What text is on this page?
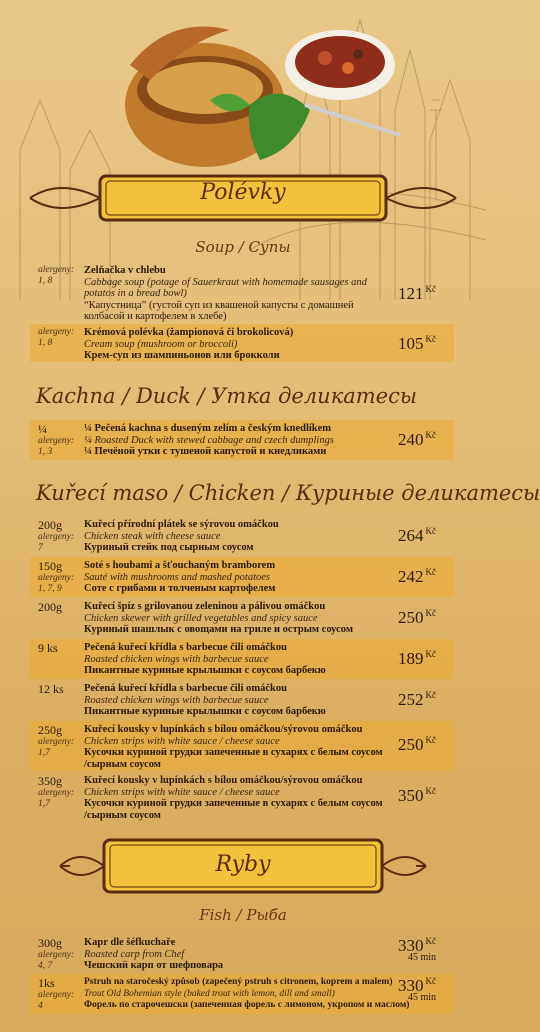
Polévky
Soup / Супы
alergeny:
1, 8
Zelňačka v chlebu
Cabbage soup (potage of Sauerkraut with homemade sausages and potatos in a bread bowl)
“Капустница” (густой суп из квашеной капусты с домашней колбасой и картофелем в хлебе)
121 $^{Kč}$
alergeny:
1, 8
Krémová polévka (žampionová či brokolicová)
Cream soup (mushroom or broccoli)
Крем-суп из шампиньонов или брокколи
105 $^{Kč}$
Kachna / Duck / Утка деликатесы
¼
alergeny:
1, 3
¼ Pečená kachna s duseným zelím a českým knedlíkem
¼ Roasted Duck with stewed cabbage and czech dumplings
¼ Печёной утки с тушеной капустой и кнедликами
240 $^{Kč}$
Kuřecí maso / Chicken / Куриные деликатесы
200g
alergeny:
7
Kuřecí přírodní plátek se sýrovou omáčkou
Chicken steak with cheese sauce
Куриный стейк под сырным соусом
264 $^{Kč}$
150g
alergeny:
1, 7, 9
Soté s houbami a šťouchaným bramborem
Sauté with mushrooms and mashed potatoes
Соте с грибами и толченым картофелем
242 $^{Kč}$
200g	Kuřecí špíz s grilovanou zeleninou a pálivou omáčkou
Chicken skewer with grilled vegetables and spicy sauce
Куриный шашлык с овощами на гриле и острым соусом
250 $^{Kč}$
9 ks	Pečená kuřecí křídla s barbecue čili omáčkou
Roasted chicken wings with barbecue sauce
Пикантные куриные крылышки с соусом барбекю
189 $^{Kč}$
12 ks	Pečená kuřecí křídla s barbecue čili omáčkou
Roasted chicken wings with barbecue sauce
Пикантные куриные крылышки с соусом барбекю
252 $^{Kč}$
250g
alergeny:
1,7
Kuřecí kousky v lupínkách s bílou omáčkou/sýrovou omáčkou
Chicken strips with white sauce / cheese sauce
Кусочки куриной грудки запеченные в сухарях с белым соусом /сырным соусом
250 $^{Kč}$
350g
alergeny:
1,7
Kuřecí kousky v lupínkách s bílou omáčkou/sýrovou omáčkou
Chicken strips with white sauce / cheese sauce
Кусочки куриной грудки запеченные в сухарях с белым соусом /сырным соусом
350 $^{Kč}$
Ryby
Fish / Рыба
300g
alergeny:
4, 7
Kapr dle šéfkuchaře
Roasted carp from Chef
Чешский карп от шефповара
330 $^{Kč}$
45 min
1ks
alergeny:
4
Pstruh na staročeský způsob (zapečený pstruh s citronem, koprem a malem)
Trout Old Bohemian style (baked trout with lemon, dill and small)
Форель по старочешски (запеченная форель с лимоном, укропом и маслом)
330 $^{Kč}$
45 min
